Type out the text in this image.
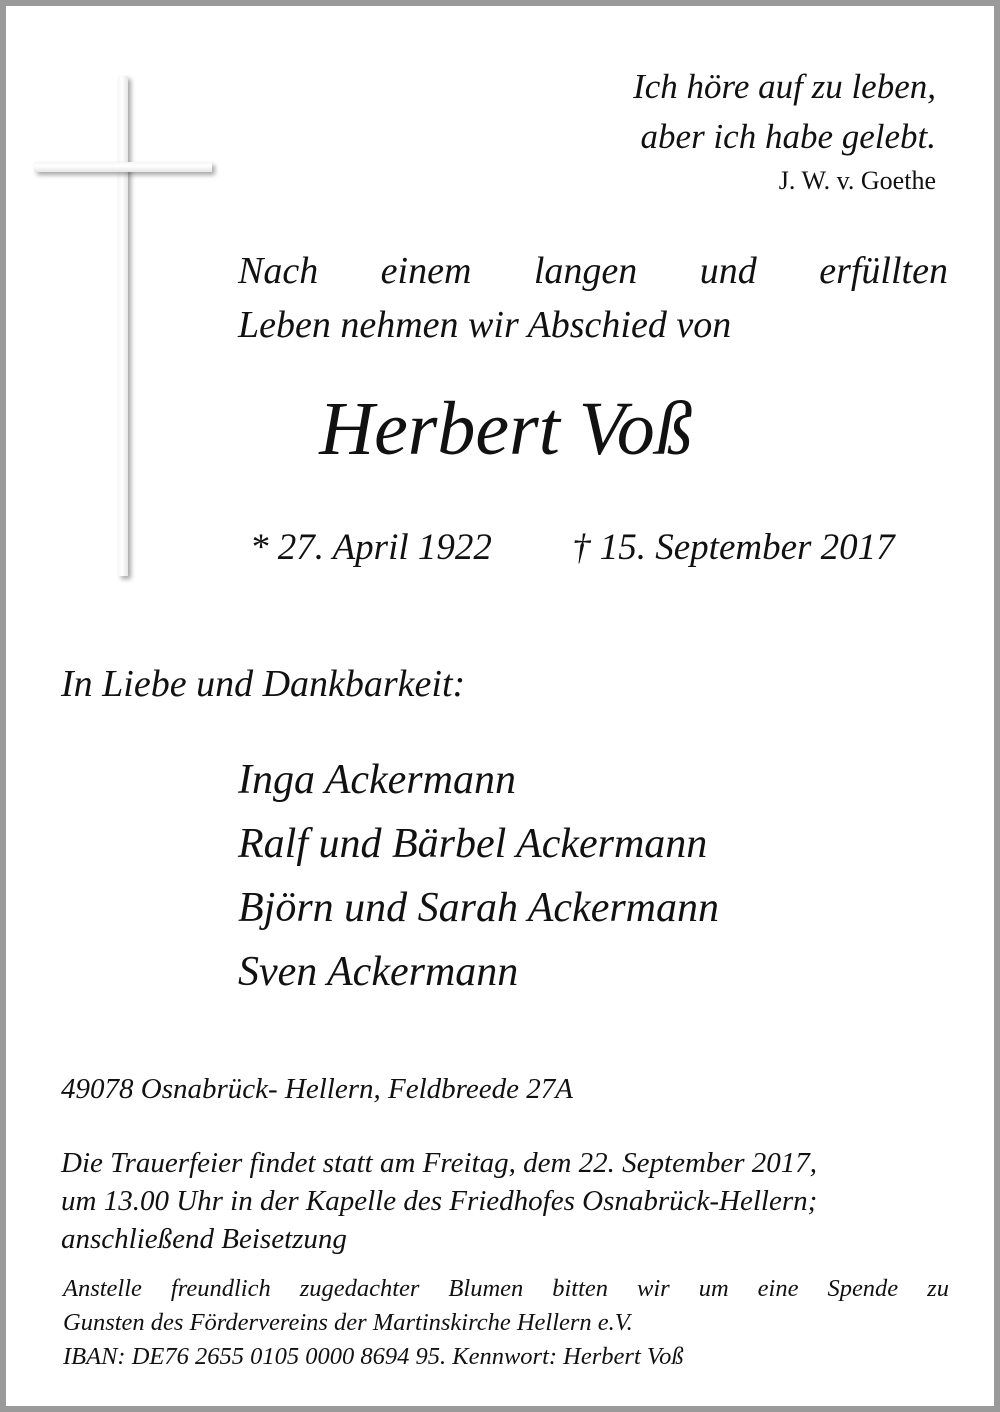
Ich höre auf zu leben,
aber ich habe gelebt.
J. W. v. Goethe
Nach einem langen und erfüllten
Leben nehmen wir Abschied von
Herbert Voß
* 27. April 1922 † 15. September 2017
In Liebe und Dankbarkeit:
Inga Ackermann
Ralf und Bärbel Ackermann
Björn und Sarah Ackermann
Sven Ackermann
49078 Osnabrück- Hellern, Feldbreede 27A
Die Trauerfeier findet statt am Freitag, dem 22. September 2017,
um 13.00 Uhr in der Kapelle des Friedhofes Osnabrück-Hellern;
anschließend Beisetzung
Anstelle freundlich zugedachter Blumen bitten wir um eine Spende zu
Gunsten des Fördervereins der Martinskirche Hellern e.V.
IBAN: DE76 2655 0105 0000 8694 95. Kennwort: Herbert Voß
